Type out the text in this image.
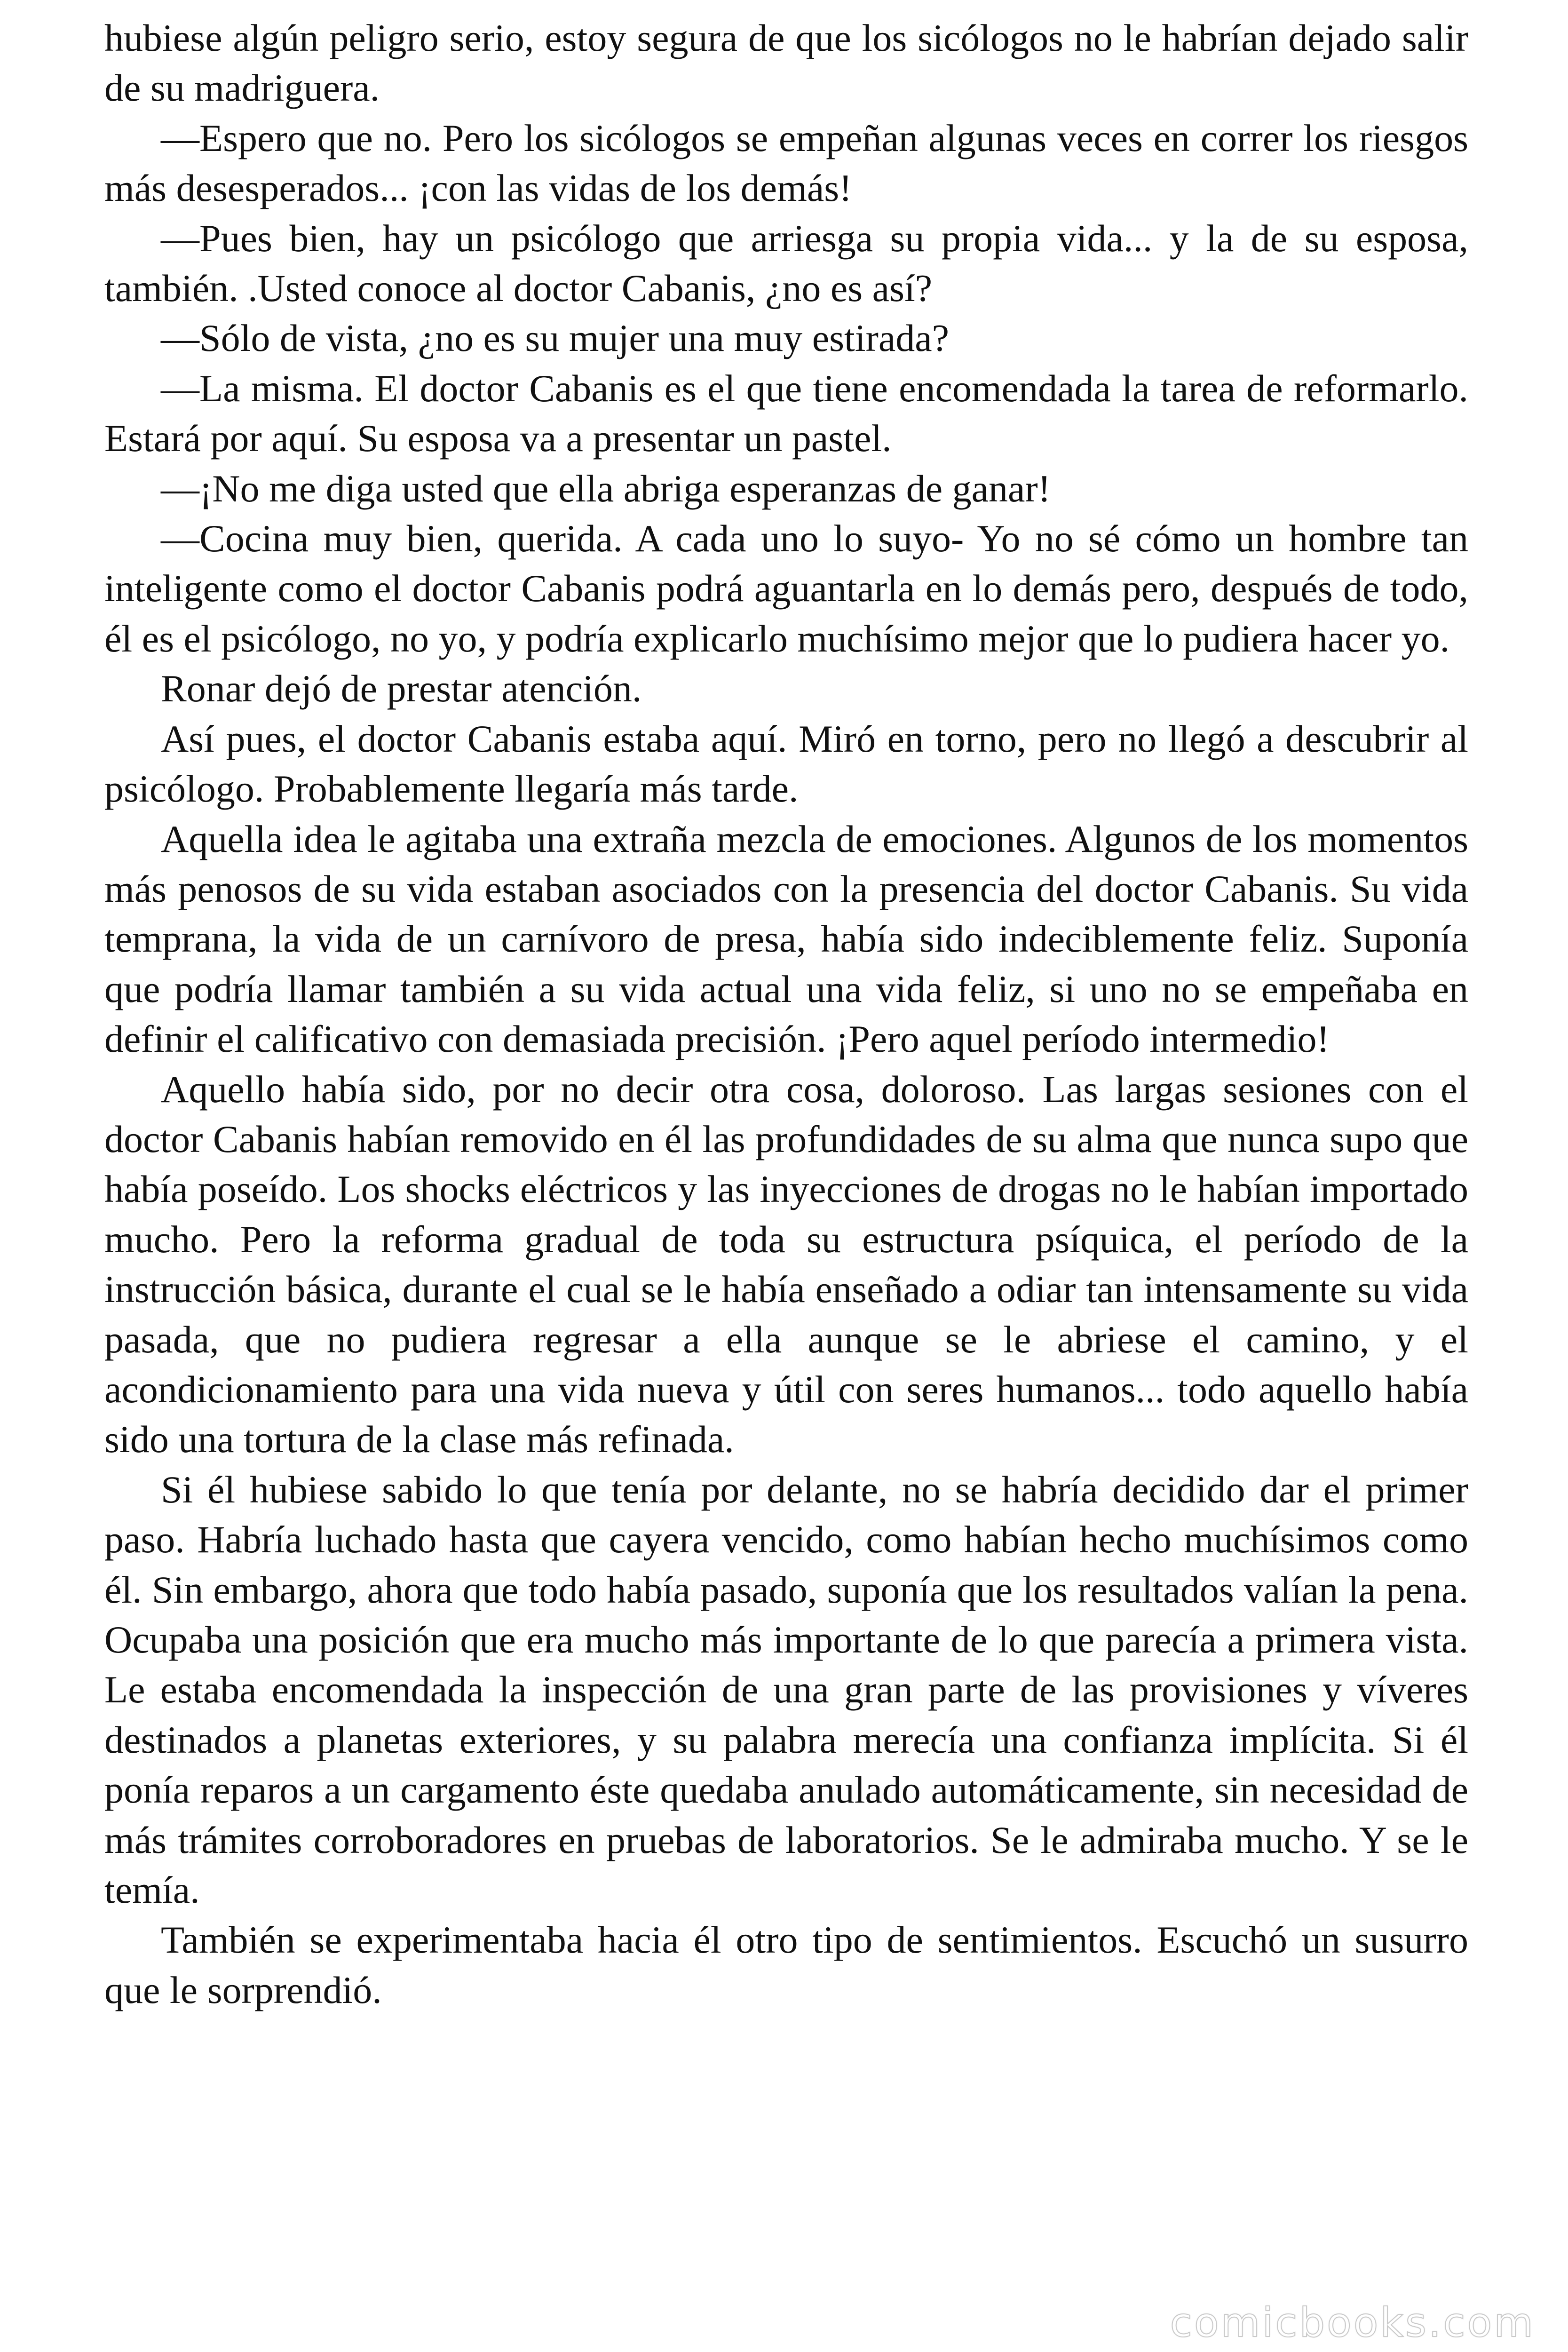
hubiese algún peligro serio, estoy segura de que los sicólogos no le habrían dejado salir de su madriguera.

—Espero que no. Pero los sicólogos se empeñan algunas veces en correr los riesgos más desesperados... ¡con las vidas de los demás!

—Pues bien, hay un psicólogo que arriesga su propia vida... y la de su esposa, también. .Usted conoce al doctor Cabanis, ¿no es así?

—Sólo de vista, ¿no es su mujer una muy estirada?

—La misma. El doctor Cabanis es el que tiene encomendada la tarea de reformarlo. Estará por aquí. Su esposa va a presentar un pastel.

—¡No me diga usted que ella abriga esperanzas de ganar!

—Cocina muy bien, querida. A cada uno lo suyo- Yo no sé cómo un hombre tan inteligente como el doctor Cabanis podrá aguantarla en lo demás pero, después de todo, él es el psicólogo, no yo, y podría explicarlo muchísimo mejor que lo pudiera hacer yo.

Ronar dejó de prestar atención.

Así pues, el doctor Cabanis estaba aquí. Miró en torno, pero no llegó a descubrir al psicólogo. Probablemente llegaría más tarde.

Aquella idea le agitaba una extraña mezcla de emociones. Algunos de los momentos más penosos de su vida estaban asociados con la presencia del doctor Cabanis. Su vida temprana, la vida de un carnívoro de presa, había sido indeciblemente feliz. Suponía que podría llamar también a su vida actual una vida feliz, si uno no se empeñaba en definir el calificativo con demasiada precisión. ¡Pero aquel período intermedio!

Aquello había sido, por no decir otra cosa, doloroso. Las largas sesiones con el doctor Cabanis habían removido en él las profundidades de su alma que nunca supo que había poseído. Los shocks eléctricos y las inyecciones de drogas no le habían importado mucho. Pero la reforma gradual de toda su estructura psíquica, el período de la instrucción básica, durante el cual se le había enseñado a odiar tan intensamente su vida pasada, que no pudiera regresar a ella aunque se le abriese el camino, y el acondicionamiento para una vida nueva y útil con seres humanos... todo aquello había sido una tortura de la clase más refinada.

Si él hubiese sabido lo que tenía por delante, no se habría decidido dar el primer paso. Habría luchado hasta que cayera vencido, como habían hecho muchísimos como él. Sin embargo, ahora que todo había pasado, suponía que los resultados valían la pena. Ocupaba una posición que era mucho más importante de lo que parecía a primera vista. Le estaba encomendada la inspección de una gran parte de las provisiones y víveres destinados a planetas exteriores, y su palabra merecía una confianza implícita. Si él ponía reparos a un cargamento éste quedaba anulado automáticamente, sin necesidad de más trámites corroboradores en pruebas de laboratorios. Se le admiraba mucho. Y se le temía.

También se experimentaba hacia él otro tipo de sentimientos. Escuchó un susurro que le sorprendió.

comicbooks.com
